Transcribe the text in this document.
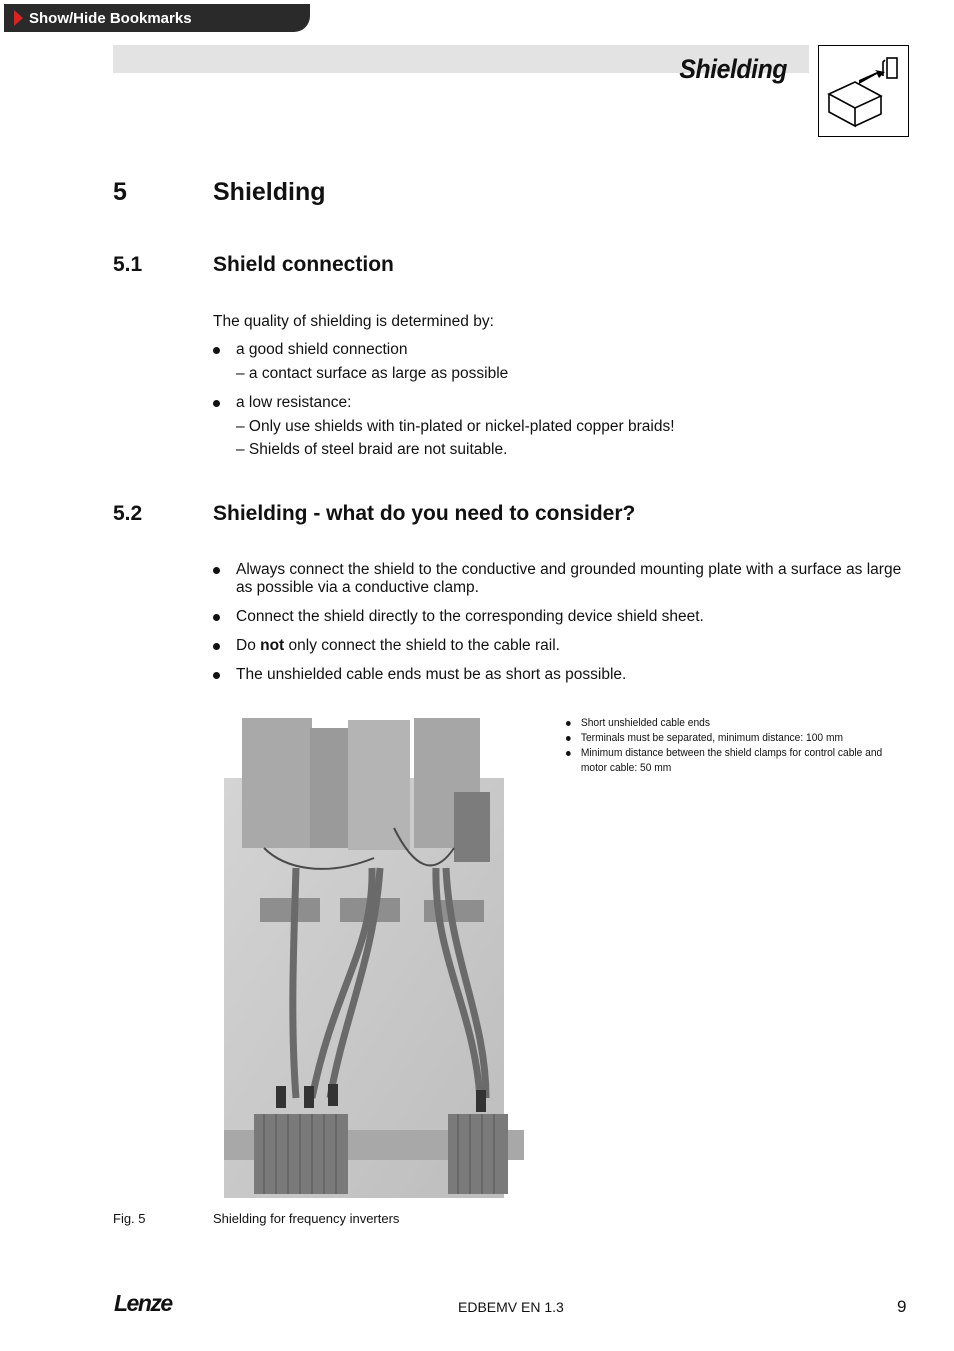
Show/Hide Bookmarks
Shielding
5	Shielding
5.1	Shield connection
The quality of shielding is determined by:
a good shield connection
– a contact surface as large as possible
a low resistance:
– Only use shields with tin-plated or nickel-plated copper braids!
– Shields of steel braid are not suitable.
5.2	Shielding - what do you need to consider?
Always connect the shield to the conductive and grounded mounting plate with a surface as large as possible via a conductive clamp.
Connect the shield directly to the corresponding device shield sheet.
Do not only connect the shield to the cable rail.
The unshielded cable ends must be as short as possible.
Short unshielded cable ends
Terminals must be separated, minimum distance: 100 mm
Minimum distance between the shield clamps for control cable and motor cable: 50 mm
Fig. 5	Shielding for frequency inverters
Lenze	EDBEMV EN 1.3	9
